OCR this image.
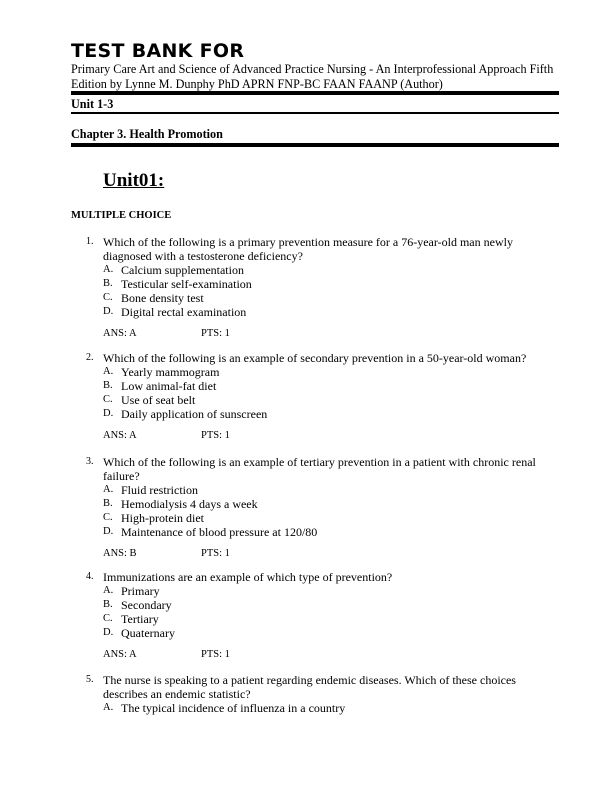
TEST BANK FOR
Primary Care Art and Science of Advanced Practice Nursing - An Interprofessional Approach Fifth Edition by Lynne M. Dunphy PhD APRN FNP-BC FAAN FAANP (Author)
Unit 1-3
Chapter 3. Health Promotion
Unit01:
MULTIPLE CHOICE
1. Which of the following is a primary prevention measure for a 76-year-old man newly diagnosed with a testosterone deficiency?
A. Calcium supplementation
B. Testicular self-examination
C. Bone density test
D. Digital rectal examination
ANS: A	PTS: 1
2. Which of the following is an example of secondary prevention in a 50-year-old woman?
A. Yearly mammogram
B. Low animal-fat diet
C. Use of seat belt
D. Daily application of sunscreen
ANS: A	PTS: 1
3. Which of the following is an example of tertiary prevention in a patient with chronic renal failure?
A. Fluid restriction
B. Hemodialysis 4 days a week
C. High-protein diet
D. Maintenance of blood pressure at 120/80
ANS: B	PTS: 1
4. Immunizations are an example of which type of prevention?
A. Primary
B. Secondary
C. Tertiary
D. Quaternary
ANS: A	PTS: 1
5. The nurse is speaking to a patient regarding endemic diseases. Which of these choices describes an endemic statistic?
A. The typical incidence of influenza in a country
